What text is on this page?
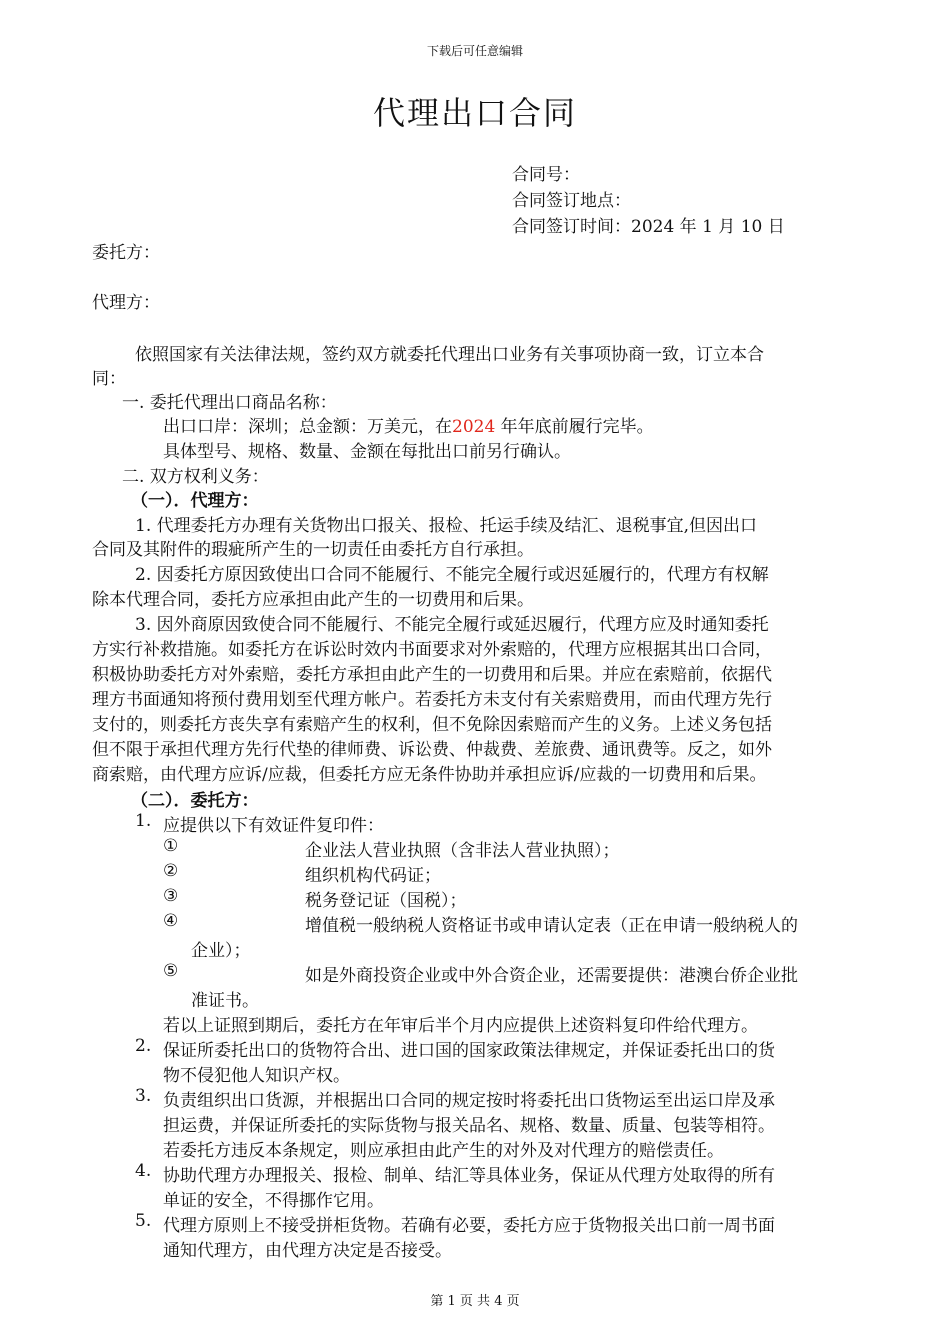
下载后可任意编辑
代理出口合同
合同号：
合同签订地点：
合同签订时间：2024 年 1 月 10 日
委托方：
代理方：
依照国家有关法律法规，签约双方就委托代理出口业务有关事项协商一致，订立本合
同：
一. 委托代理出口商品名称：
出口口岸：深圳；总金额：万美元，在2024 年年底前履行完毕。
具体型号、规格、数量、金额在每批出口前另行确认。
二. 双方权利义务：
（一）．代理方：
1. 代理委托方办理有关货物出口报关、报检、托运手续及结汇、退税事宜,但因出口
合同及其附件的瑕疵所产生的一切责任由委托方自行承担。
2. 因委托方原因致使出口合同不能履行、不能完全履行或迟延履行的，代理方有权解
除本代理合同，委托方应承担由此产生的一切费用和后果。
3. 因外商原因致使合同不能履行、不能完全履行或延迟履行，代理方应及时通知委托
方实行补救措施。如委托方在诉讼时效内书面要求对外索赔的，代理方应根据其出口合同，
积极协助委托方对外索赔，委托方承担由此产生的一切费用和后果。并应在索赔前，依据代
理方书面通知将预付费用划至代理方帐户。若委托方未支付有关索赔费用，而由代理方先行
支付的，则委托方丧失享有索赔产生的权利，但不免除因索赔而产生的义务。上述义务包括
但不限于承担代理方先行代垫的律师费、诉讼费、仲裁费、差旅费、通讯费等。反之，如外
商索赔，由代理方应诉/应裁，但委托方应无条件协助并承担应诉/应裁的一切费用和后果。
（二）．委托方：
1. 应提供以下有效证件复印件：
①	企业法人营业执照（含非法人营业执照）；
②	组织机构代码证；
③	税务登记证（国税）；
④	增值税一般纳税人资格证书或申请认定表（正在申请一般纳税人的
企业）；
⑤	如是外商投资企业或中外合资企业，还需要提供：港澳台侨企业批
准证书。
若以上证照到期后，委托方在年审后半个月内应提供上述资料复印件给代理方。
2. 保证所委托出口的货物符合出、进口国的国家政策法律规定，并保证委托出口的货
物不侵犯他人知识产权。
3. 负责组织出口货源，并根据出口合同的规定按时将委托出口货物运至出运口岸及承
担运费，并保证所委托的实际货物与报关品名、规格、数量、质量、包装等相符。
若委托方违反本条规定，则应承担由此产生的对外及对代理方的赔偿责任。
4. 协助代理方办理报关、报检、制单、结汇等具体业务，保证从代理方处取得的所有
单证的安全，不得挪作它用。
5. 代理方原则上不接受拼柜货物。若确有必要，委托方应于货物报关出口前一周书面
通知代理方，由代理方决定是否接受。
第 1 页 共 4 页
